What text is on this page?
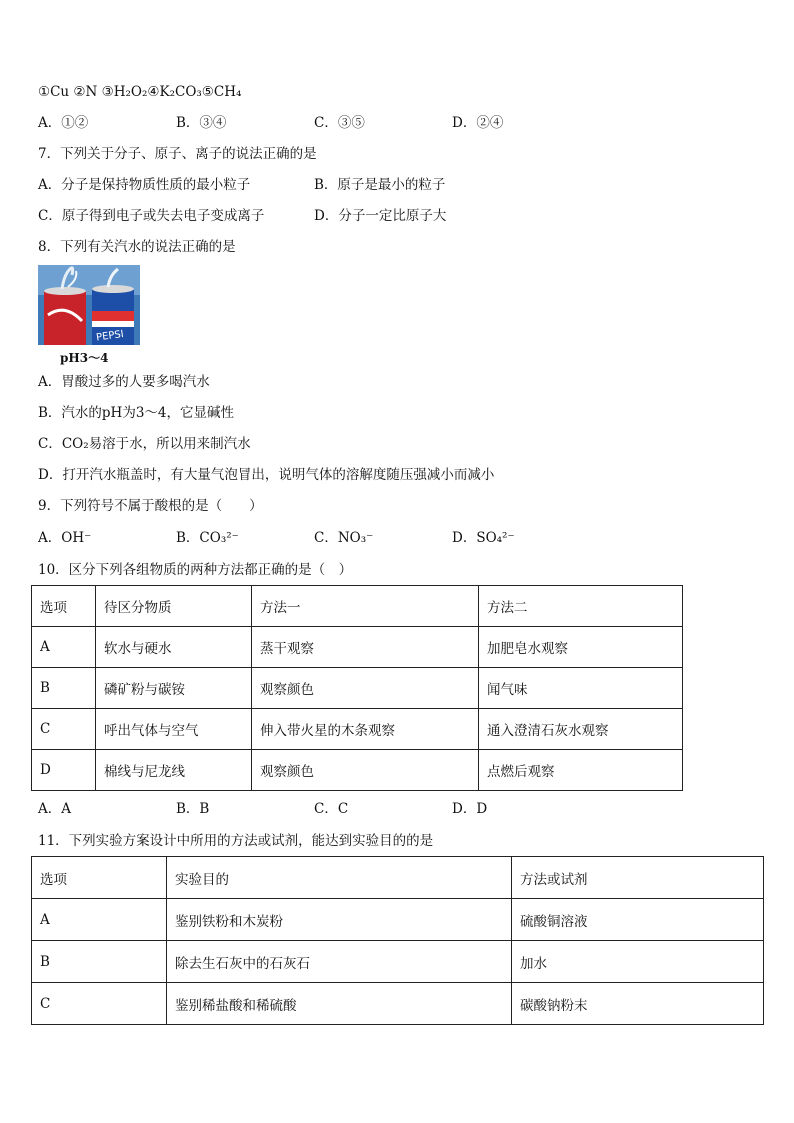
①Cu ②N ③H₂O₂④K₂CO₃⑤CH₄
A．①②	B．③④	C．③⑤	D．②④
7．下列关于分子、原子、离子的说法正确的是
A．分子是保持物质性质的最小粒子	B．原子是最小的粒子
C．原子得到电子或失去电子变成离子	D．分子一定比原子大
8．下列有关汽水的说法正确的是
PEPSI
pH3～4
A．胃酸过多的人要多喝汽水
B．汽水的pH为3～4，它显碱性
C．CO₂易溶于水，所以用来制汽水
D．打开汽水瓶盖时，有大量气泡冒出，说明气体的溶解度随压强减小而减小
9．下列符号不属于酸根的是（　　）
A．OH⁻	B．CO₃²⁻	C．NO₃⁻	D．SO₄²⁻
10．区分下列各组物质的两种方法都正确的是（　）
选项	待区分物质	方法一	方法二
A	软水与硬水	蒸干观察	加肥皂水观察
B	磷矿粉与碳铵	观察颜色	闻气味
C	呼出气体与空气	伸入带火星的木条观察	通入澄清石灰水观察
D	棉线与尼龙线	观察颜色	点燃后观察
A．A	B．B	C．C	D．D
11．下列实验方案设计中所用的方法或试剂，能达到实验目的的是
选项	实验目的	方法或试剂
A	鉴别铁粉和木炭粉	硫酸铜溶液
B	除去生石灰中的石灰石	加水
C	鉴别稀盐酸和稀硫酸	碳酸钠粉末
